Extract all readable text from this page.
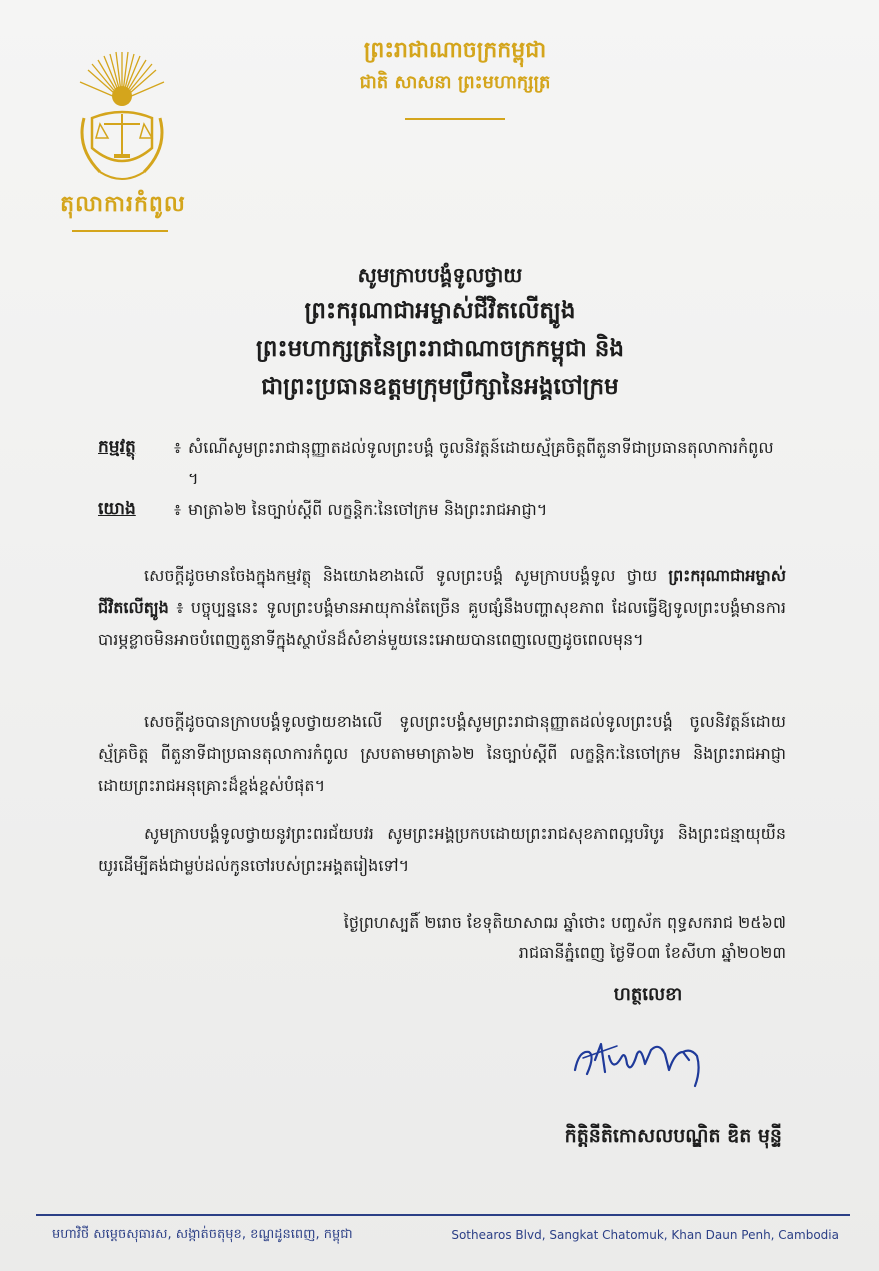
តុលាការកំពូល
ព្រះរាជាណាចក្រកម្ពុជា
ជាតិ សាសនា ព្រះមហាក្សត្រ
សូមក្រាបបង្គំទូលថ្វាយ
ព្រះករុណាជាអម្ចាស់ជីវិតលើត្បូង
ព្រះមហាក្សត្រនៃព្រះរាជាណាចក្រកម្ពុជា និង
ជាព្រះប្រធានឧត្តមក្រុមប្រឹក្សានៃអង្គចៅក្រម
កម្មវត្ថុ ៖ សំណើសូមព្រះរាជានុញ្ញាតដល់ទូលព្រះបង្គំ ចូលនិវត្តន៍ដោយស្ម័គ្រចិត្តពីតួនាទីជាប្រធានតុលាការកំពូល ។
យោង ៖ មាត្រា៦២ នៃច្បាប់ស្តីពី លក្ខន្តិកៈនៃចៅក្រម និងព្រះរាជអាជ្ញា។
សេចក្តីដូចមានចែងក្នុងកម្មវត្ថុ និងយោងខាងលើ ទូលព្រះបង្គំ សូមក្រាបបង្គំទូល ថ្វាយ ព្រះករុណាជាអម្ចាស់ជីវិតលើត្បូង ៖ បច្ចុប្បន្ននេះ ទូលព្រះបង្គំមានអាយុកាន់តែច្រើន គួបផ្សំនឹងបញ្ហាសុខភាព ដែលធ្វើឱ្យទូលព្រះបង្គំមានការបារម្ភខ្លាចមិនអាចបំពេញតួនាទីក្នុងស្ថាប័នដ៏សំខាន់មួយនេះអោយបានពេញលេញដូចពេលមុន។
សេចក្តីដូចបានក្រាបបង្គំទូលថ្វាយខាងលើ ទូលព្រះបង្គំសូមព្រះរាជានុញ្ញាតដល់ទូលព្រះបង្គំ ចូលនិវត្តន៍ដោយស្ម័គ្រចិត្ត ពីតួនាទីជាប្រធានតុលាការកំពូល ស្របតាមមាត្រា៦២ នៃច្បាប់ស្តីពី លក្ខន្តិកៈនៃចៅក្រម និងព្រះរាជអាជ្ញា ដោយព្រះរាជអនុគ្រោះដ៏ខ្ពង់ខ្ពស់បំផុត។
សូមក្រាបបង្គំទូលថ្វាយនូវព្រះពរជ័យបវរ សូមព្រះអង្គប្រកបដោយព្រះរាជសុខភាពល្អបរិបូរ និងព្រះជន្មាយុយឺនយូរដើម្បីគង់ជាម្លប់ដល់កូនចៅរបស់ព្រះអង្គតរៀងទៅ។
ថ្ងៃព្រហស្បតិ៍ ២រោច ខែទុតិយាសាឍ ឆ្នាំថោះ បញ្ចស័ក ពុទ្ធសករាជ ២៥៦៧
រាជធានីភ្នំពេញ ថ្ងៃទី០៣ ខែសីហា ឆ្នាំ២០២៣
ហត្ថលេខា
កិត្តិនីតិកោសលបណ្ឌិត ឌិត មុន្ទី
មហាវិថី សម្តេចសុធារស, សង្កាត់ចតុមុខ, ខណ្ឌដូនពេញ, កម្ពុជា	Sothearos Blvd, Sangkat Chatomuk, Khan Daun Penh, Cambodia
